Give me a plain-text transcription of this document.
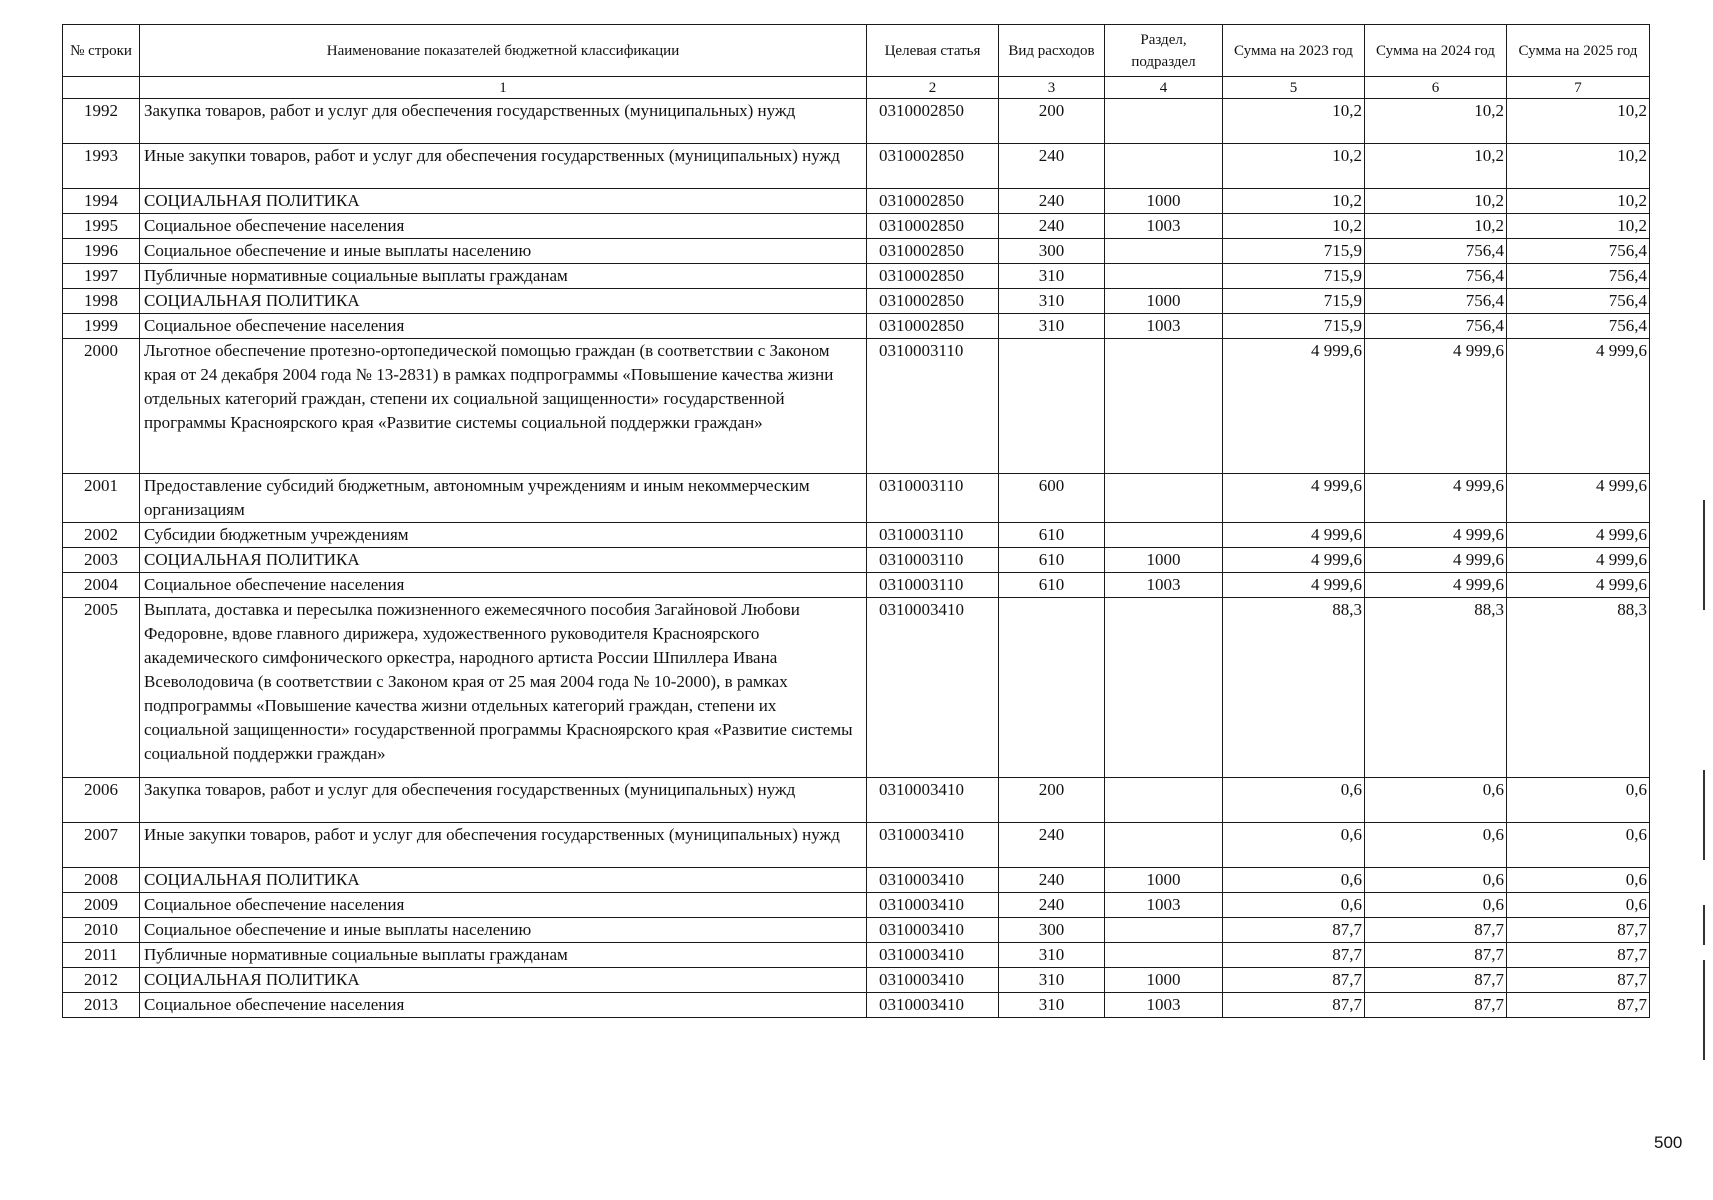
№ строки	Наименование показателей бюджетной классификации	Целевая статья	Вид расходов	Раздел, подраздел	Сумма на 2023 год	Сумма на 2024 год	Сумма на 2025 год
	1	2	3	4	5	6	7
1992	Закупка товаров, работ и услуг для обеспечения государственных (муниципальных) нужд	0310002850	200		10,2	10,2	10,2
1993	Иные закупки товаров, работ и услуг для обеспечения государственных (муниципальных) нужд	0310002850	240		10,2	10,2	10,2
1994	СОЦИАЛЬНАЯ ПОЛИТИКА	0310002850	240	1000	10,2	10,2	10,2
1995	Социальное обеспечение населения	0310002850	240	1003	10,2	10,2	10,2
1996	Социальное обеспечение и иные выплаты населению	0310002850	300		715,9	756,4	756,4
1997	Публичные нормативные социальные выплаты гражданам	0310002850	310		715,9	756,4	756,4
1998	СОЦИАЛЬНАЯ ПОЛИТИКА	0310002850	310	1000	715,9	756,4	756,4
1999	Социальное обеспечение населения	0310002850	310	1003	715,9	756,4	756,4
2000	Льготное обеспечение протезно-ортопедической помощью граждан (в соответствии с Законом края от 24 декабря 2004 года № 13-2831) в рамках подпрограммы «Повышение качества жизни отдельных категорий граждан, степени их социальной защищенности» государственной программы Красноярского края «Развитие системы социальной поддержки граждан»	0310003110			4 999,6	4 999,6	4 999,6
2001	Предоставление субсидий бюджетным, автономным учреждениям и иным некоммерческим организациям	0310003110	600		4 999,6	4 999,6	4 999,6
2002	Субсидии бюджетным учреждениям	0310003110	610		4 999,6	4 999,6	4 999,6
2003	СОЦИАЛЬНАЯ ПОЛИТИКА	0310003110	610	1000	4 999,6	4 999,6	4 999,6
2004	Социальное обеспечение населения	0310003110	610	1003	4 999,6	4 999,6	4 999,6
2005	Выплата, доставка и пересылка пожизненного ежемесячного пособия Загайновой Любови Федоровне, вдове главного дирижера, художественного руководителя Красноярского академического симфонического оркестра, народного артиста России Шпиллера Ивана Всеволодовича (в соответствии с Законом края от 25 мая 2004 года № 10-2000), в рамках подпрограммы «Повышение качества жизни отдельных категорий граждан, степени их социальной защищенности» государственной программы Красноярского края «Развитие системы социальной поддержки граждан»	0310003410			88,3	88,3	88,3
2006	Закупка товаров, работ и услуг для обеспечения государственных (муниципальных) нужд	0310003410	200		0,6	0,6	0,6
2007	Иные закупки товаров, работ и услуг для обеспечения государственных (муниципальных) нужд	0310003410	240		0,6	0,6	0,6
2008	СОЦИАЛЬНАЯ ПОЛИТИКА	0310003410	240	1000	0,6	0,6	0,6
2009	Социальное обеспечение населения	0310003410	240	1003	0,6	0,6	0,6
2010	Социальное обеспечение и иные выплаты населению	0310003410	300		87,7	87,7	87,7
2011	Публичные нормативные социальные выплаты гражданам	0310003410	310		87,7	87,7	87,7
2012	СОЦИАЛЬНАЯ ПОЛИТИКА	0310003410	310	1000	87,7	87,7	87,7
2013	Социальное обеспечение населения	0310003410	310	1003	87,7	87,7	87,7
500
